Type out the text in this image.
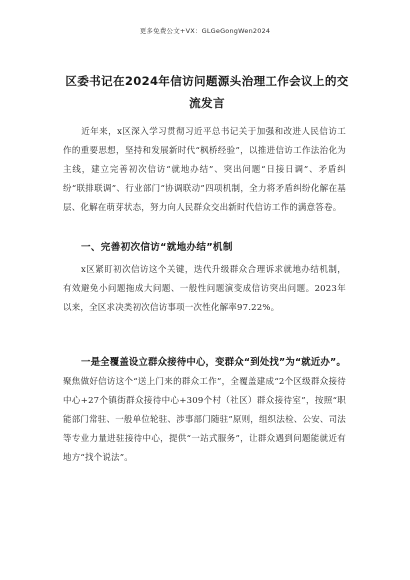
更多免费公文+VX：GLGeGongWen2024
区委书记在2024年信访问题源头治理工作会议上的交流发言
近年来，x区深入学习贯彻习近平总书记关于加强和改进人民信访工作的重要思想，坚持和发展新时代“枫桥经验”，以推进信访工作法治化为主线，建立完善初次信访“就地办结”、突出问题“日接日调”、矛盾纠纷“联排联调”、行业部门“协调联动”四项机制，全力将矛盾纠纷化解在基层、化解在萌芽状态，努力向人民群众交出新时代信访工作的满意答卷。
一、完善初次信访“就地办结”机制
x区紧盯初次信访这个关键，迭代升级群众合理诉求就地办结机制，有效避免小问题拖成大问题、一般性问题演变成信访突出问题。2023年以来，全区求决类初次信访事项一次性化解率97.22%。
一是全覆盖设立群众接待中心，变群众“到处找”为“就近办”。聚焦做好信访这个“送上门来的群众工作”，全覆盖建成“2个区级群众接待中心+27个镇街群众接待中心+309个村（社区）群众接待室”，按照“职能部门常驻、一般单位轮驻、涉事部门随驻”原则，组织法检、公安、司法等专业力量进驻接待中心，提供“一站式服务”，让群众遇到问题能就近有地方“找个说法”。
